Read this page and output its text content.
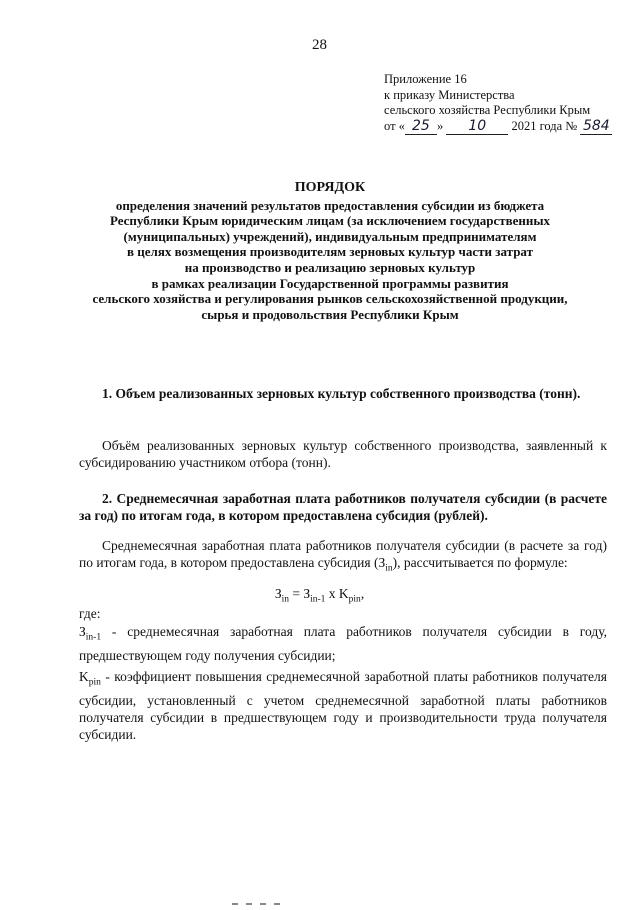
28
Приложение 16
к приказу Министерства
сельского хозяйства Республики Крым
от « 25 » 10 2021 года № 584
ПОРЯДОК
определения значений результатов предоставления субсидии из бюджета
Республики Крым юридическим лицам (за исключением государственных
(муниципальных) учреждений), индивидуальным предпринимателям
в целях возмещения производителям зерновых культур части затрат
на производство и реализацию зерновых культур
в рамках реализации Государственной программы развития
сельского хозяйства и регулирования рынков сельскохозяйственной продукции,
сырья и продовольствия Республики Крым
1. Объем реализованных зерновых культур собственного производства (тонн).
Объём реализованных зерновых культур собственного производства, заявленный к субсидированию участником отбора (тонн).
2. Среднемесячная заработная плата работников получателя субсидии (в расчете за год) по итогам года, в котором предоставлена субсидия (рублей).
Среднемесячная заработная плата работников получателя субсидии (в расчете за год) по итогам года, в котором предоставлена субсидия $(З_{in})$, рассчитывается по формуле:
$З_{in} = З_{in-1}$ x $K_{pin}$,
где:
$З_{in-1}$ - среднемесячная заработная плата работников получателя субсидии в году, предшествующем году получения субсидии;
$K_{pin}$ - коэффициент повышения среднемесячной заработной платы работников получателя субсидии, установленный с учетом среднемесячной заработной платы работников получателя субсидии в предшествующем году и производительности труда получателя субсидии.
